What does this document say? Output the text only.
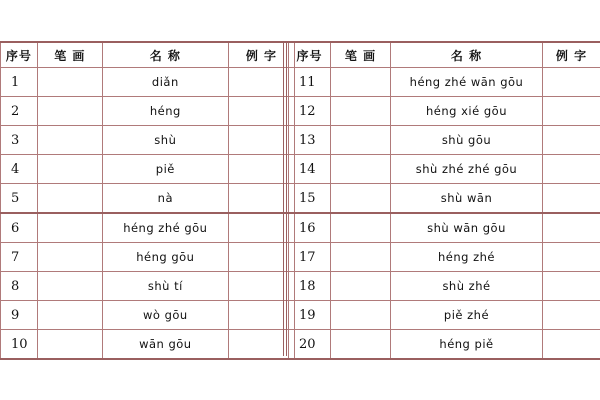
序号	笔 画	名 称	例 字
1		diǎn	
2		héng	
3		shù	
4		piě	
5		nà	
6		héng zhé gōu	
7		héng gōu	
8		shù tí	
9		wò gōu	
10		wān gōu	
序号	笔 画	名 称	例 字
11		héng zhé wān gōu	
12		héng xié gōu	
13		shù gōu	
14		shù zhé zhé gōu	
15		shù wān	
16		shù wān gōu	
17		héng zhé	
18		shù zhé	
19		piě zhé	
20		héng piě	
